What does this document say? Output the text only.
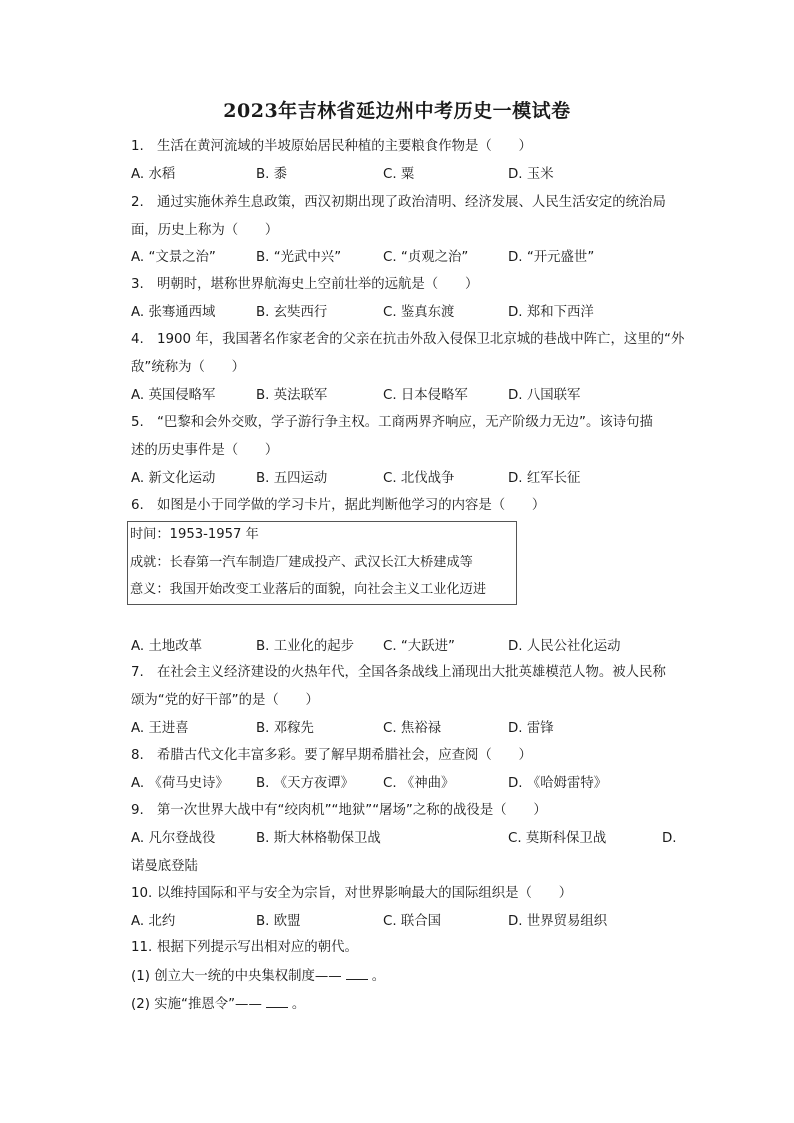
2023年吉林省延边州中考历史一模试卷
1. 生活在黄河流域的半坡原始居民种植的主要粮食作物是（　　）
A. 水稻	B. 黍	C. 粟	D. 玉米
2. 通过实施休养生息政策，西汉初期出现了政治清明、经济发展、人民生活安定的统治局
面，历史上称为（　　）
A. “文景之治”	B. “光武中兴”	C. “贞观之治”	D. “开元盛世”
3. 明朝时，堪称世界航海史上空前壮举的远航是（　　）
A. 张骞通西域	B. 玄奘西行	C. 鉴真东渡	D. 郑和下西洋
4. 1900 年，我国著名作家老舍的父亲在抗击外敌入侵保卫北京城的巷战中阵亡，这里的“外
敌”统称为（　　）
A. 英国侵略军	B. 英法联军	C. 日本侵略军	D. 八国联军
5. “巴黎和会外交败，学子游行争主权。工商两界齐响应，无产阶级力无边”。该诗句描
述的历史事件是（　　）
A. 新文化运动	B. 五四运动	C. 北伐战争	D. 红军长征
6. 如图是小于同学做的学习卡片，据此判断他学习的内容是（　　）
时间：1953-1957 年
成就：长春第一汽车制造厂建成投产、武汉长江大桥建成等
意义：我国开始改变工业落后的面貌，向社会主义工业化迈进
A. 土地改革	B. 工业化的起步 C. “大跃进”	D. 人民公社化运动
7. 在社会主义经济建设的火热年代，全国各条战线上涌现出大批英雄模范人物。被人民称
颂为“党的好干部”的是（　　）
A. 王进喜	B. 邓稼先	C. 焦裕禄	D. 雷锋
8. 希腊古代文化丰富多彩。要了解早期希腊社会，应查阅（　　）
A. 《荷马史诗》 B. 《天方夜谭》 C. 《神曲》	D. 《哈姆雷特》
9. 第一次世界大战中有“绞肉机”“地狱”“屠场”之称的战役是（　　）
A. 凡尔登战役	B. 斯大林格勒保卫战	C. 莫斯科保卫战	D.
诺曼底登陆
10. 以维持国际和平与安全为宗旨，对世界影响最大的国际组织是（　　）
A. 北约	B. 欧盟	C. 联合国	D. 世界贸易组织
11. 根据下列提示写出相对应的朝代。
(1) 创立大一统的中央集权制度—— 。
(2) 实施“推恩令”—— 。
